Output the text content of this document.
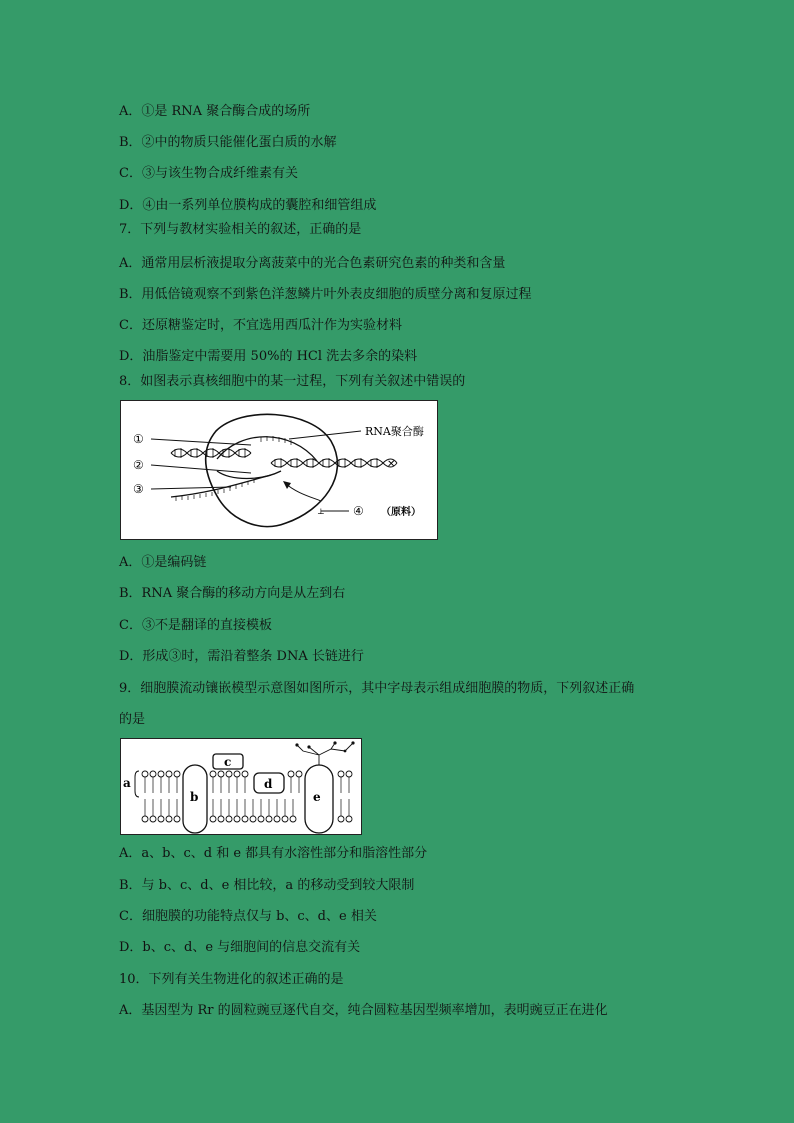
A．①是 RNA 聚合酶合成的场所
B．②中的物质只能催化蛋白质的水解
C．③与该生物合成纤维素有关
D．④由一系列单位膜构成的囊腔和细管组成
7．下列与教材实验相关的叙述，正确的是
A．通常用层析液提取分离菠菜中的光合色素研究色素的种类和含量
B．用低倍镜观察不到紫色洋葱鳞片叶外表皮细胞的质壁分离和复原过程
C．还原糖鉴定时，不宜选用西瓜汁作为实验材料
D．油脂鉴定中需要用 50%的 HCl 洗去多余的染料
8．如图表示真核细胞中的某一过程，下列有关叙述中错误的
✕
⊥
①
②
③
④
RNA聚合酶
（原料）
A．①是编码链
B．RNA 聚合酶的移动方向是从左到右
C．③不是翻译的直接模板
D．形成③时，需沿着整条 DNA 长链进行
9．细胞膜流动镶嵌模型示意图如图所示，其中字母表示组成细胞膜的物质，下列叙述正确
的是
a
b
c
d
e
A．a、b、c、d 和 e 都具有水溶性部分和脂溶性部分
B．与 b、c、d、e 相比较，a 的移动受到较大限制
C．细胞膜的功能特点仅与 b、c、d、e 相关
D．b、c、d、e 与细胞间的信息交流有关
10．下列有关生物进化的叙述正确的是
A．基因型为 Rr 的圆粒豌豆逐代自交，纯合圆粒基因型频率增加，表明豌豆正在进化
